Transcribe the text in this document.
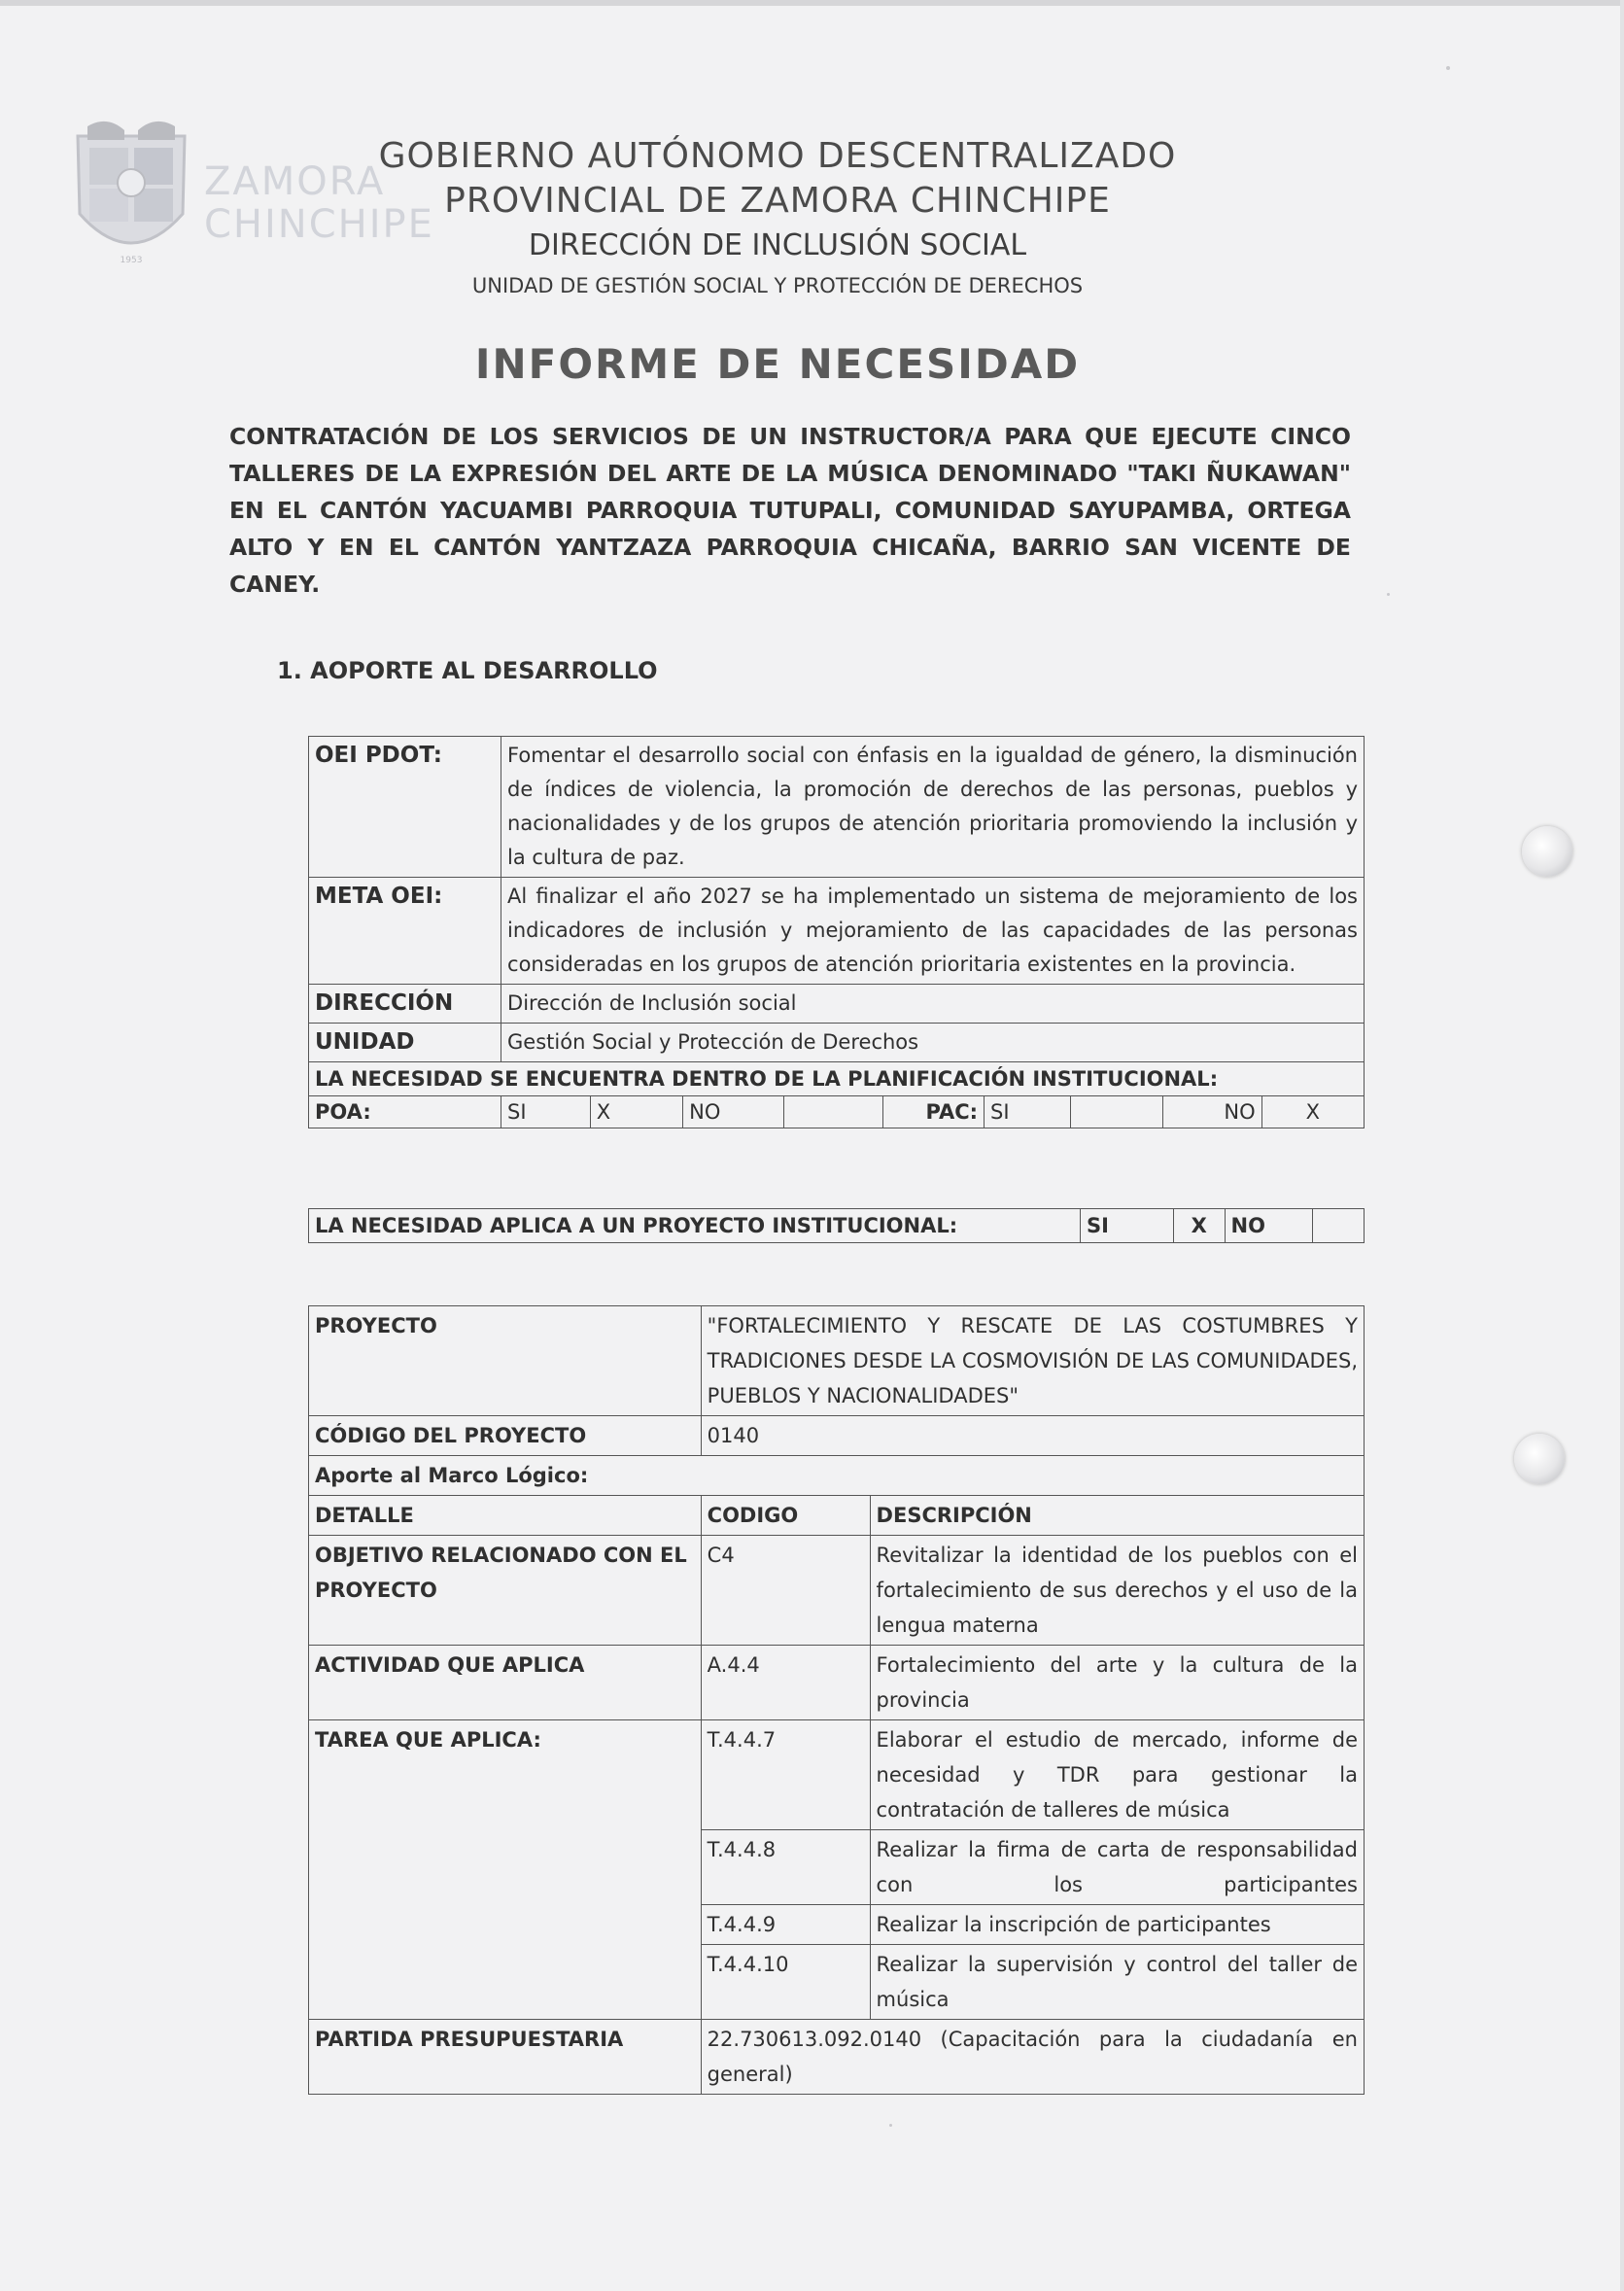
1953
ZAMORA CHINCHIPE
GOBIERNO AUTÓNOMO DESCENTRALIZADO
PROVINCIAL DE ZAMORA CHINCHIPE
DIRECCIÓN DE INCLUSIÓN SOCIAL
UNIDAD DE GESTIÓN SOCIAL Y PROTECCIÓN DE DERECHOS
INFORME DE NECESIDAD
CONTRATACIÓN DE LOS SERVICIOS DE UN INSTRUCTOR/A PARA QUE EJECUTE CINCO TALLERES DE LA EXPRESIÓN DEL ARTE DE LA MÚSICA DENOMINADO "TAKI ÑUKAWAN" EN EL CANTÓN YACUAMBI PARROQUIA TUTUPALI, COMUNIDAD SAYUPAMBA, ORTEGA ALTO Y EN EL CANTÓN YANTZAZA PARROQUIA CHICAÑA, BARRIO SAN VICENTE DE CANEY.
1. AOPORTE AL DESARROLLO
OEI PDOT:	Fomentar el desarrollo social con énfasis en la igualdad de género, la disminución de índices de violencia, la promoción de derechos de las personas, pueblos y nacionalidades y de los grupos de atención prioritaria promoviendo la inclusión y la cultura de paz.								
META OEI:	Al finalizar el año 2027 se ha implementado un sistema de mejoramiento de los indicadores de inclusión y mejoramiento de las capacidades de las personas consideradas en los grupos de atención prioritaria existentes en la provincia.								
DIRECCIÓN	Dirección de Inclusión social								
UNIDAD	Gestión Social y Protección de Derechos								
LA NECESIDAD SE ENCUENTRA DENTRO DE LA PLANIFICACIÓN INSTITUCIONAL:									
POA:	SI	X	NO		PAC:	SI		NO	X
LA NECESIDAD APLICA A UN PROYECTO INSTITUCIONAL:	SI	X	NO	
PROYECTO	"FORTALECIMIENTO Y RESCATE DE LAS COSTUMBRES Y TRADICIONES DESDE LA COSMOVISIÓN DE LAS COMUNIDADES, PUEBLOS Y NACIONALIDADES"	
CÓDIGO DEL PROYECTO	0140	
Aporte al Marco Lógico:		
DETALLE	CODIGO	DESCRIPCIÓN
OBJETIVO RELACIONADO CON EL PROYECTO	C4	Revitalizar la identidad de los pueblos con el fortalecimiento de sus derechos y el uso de la lengua materna
ACTIVIDAD QUE APLICA	A.4.4	Fortalecimiento del arte y la cultura de la provincia
TAREA QUE APLICA:	T.4.4.7	Elaborar el estudio de mercado, informe de necesidad y TDR para gestionar la contratación de talleres de música
	T.4.4.8	Realizar la firma de carta de responsabilidad con los participantes
	T.4.4.9	Realizar la inscripción de participantes
	T.4.4.10	Realizar la supervisión y control del taller de música
PARTIDA PRESUPUESTARIA	22.730613.092.0140 (Capacitación para la ciudadanía en general)	
